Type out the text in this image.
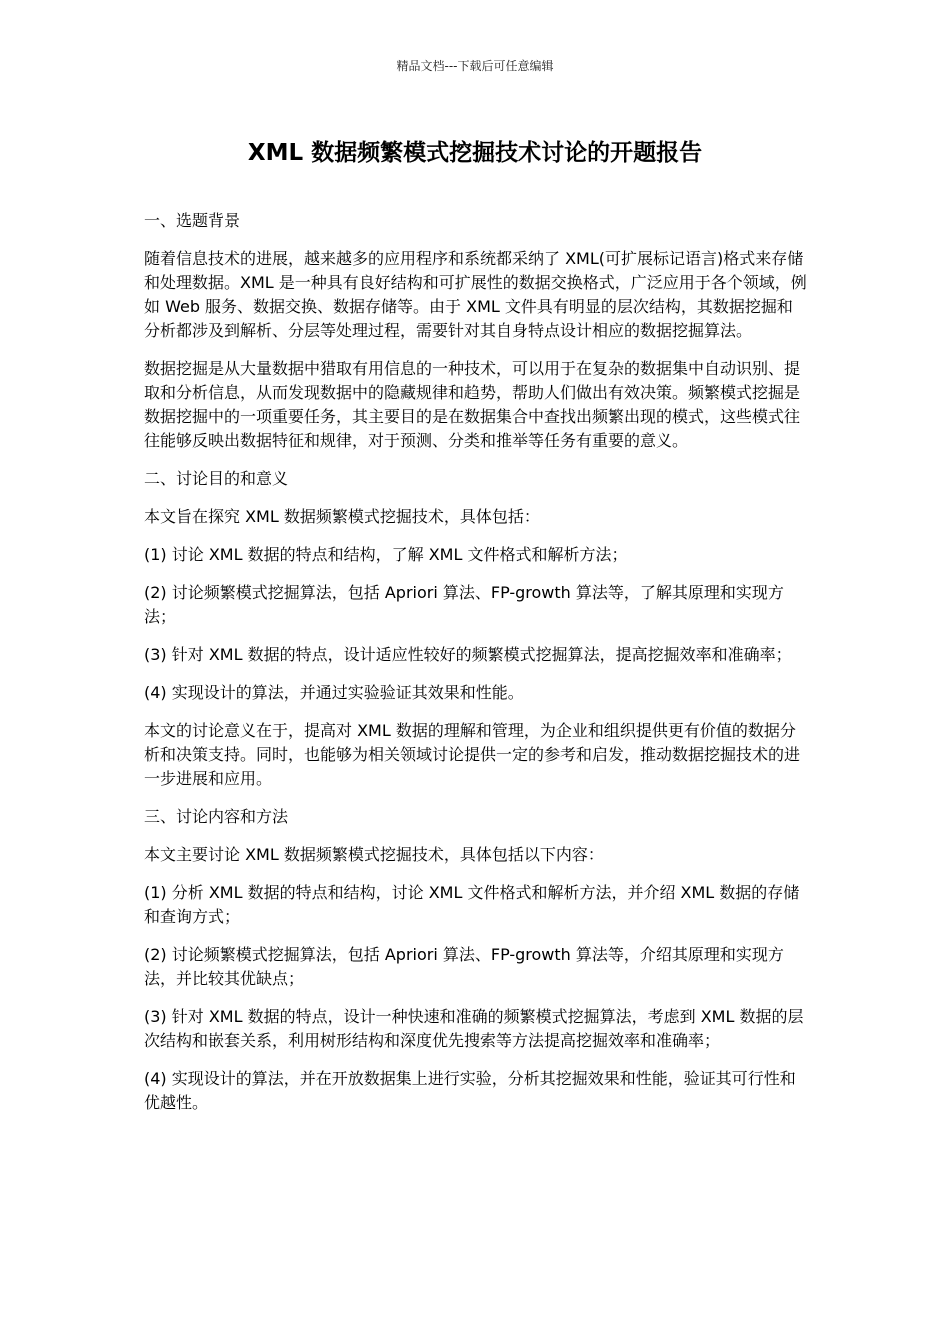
精品文档---下载后可任意编辑
XML 数据频繁模式挖掘技术讨论的开题报告

一、选题背景

随着信息技术的进展，越来越多的应用程序和系统都采纳了 XML(可扩展标记语言)格式来存储和处理数据。XML 是一种具有良好结构和可扩展性的数据交换格式，广泛应用于各个领域，例如 Web 服务、数据交换、数据存储等。由于 XML 文件具有明显的层次结构，其数据挖掘和分析都涉及到解析、分层等处理过程，需要针对其自身特点设计相应的数据挖掘算法。

数据挖掘是从大量数据中猎取有用信息的一种技术，可以用于在复杂的数据集中自动识别、提取和分析信息，从而发现数据中的隐藏规律和趋势，帮助人们做出有效决策。频繁模式挖掘是数据挖掘中的一项重要任务，其主要目的是在数据集合中查找出频繁出现的模式，这些模式往往能够反映出数据特征和规律，对于预测、分类和推举等任务有重要的意义。

二、讨论目的和意义

本文旨在探究 XML 数据频繁模式挖掘技术，具体包括：

(1) 讨论 XML 数据的特点和结构，了解 XML 文件格式和解析方法；

(2) 讨论频繁模式挖掘算法，包括 Apriori 算法、FP-growth 算法等，了解其原理和实现方法；

(3) 针对 XML 数据的特点，设计适应性较好的频繁模式挖掘算法，提高挖掘效率和准确率；

(4) 实现设计的算法，并通过实验验证其效果和性能。

本文的讨论意义在于，提高对 XML 数据的理解和管理，为企业和组织提供更有价值的数据分析和决策支持。同时，也能够为相关领域讨论提供一定的参考和启发，推动数据挖掘技术的进一步进展和应用。

三、讨论内容和方法

本文主要讨论 XML 数据频繁模式挖掘技术，具体包括以下内容：

(1) 分析 XML 数据的特点和结构，讨论 XML 文件格式和解析方法，并介绍 XML 数据的存储和查询方式；

(2) 讨论频繁模式挖掘算法，包括 Apriori 算法、FP-growth 算法等，介绍其原理和实现方法，并比较其优缺点；

(3) 针对 XML 数据的特点，设计一种快速和准确的频繁模式挖掘算法，考虑到 XML 数据的层次结构和嵌套关系，利用树形结构和深度优先搜索等方法提高挖掘效率和准确率；

(4) 实现设计的算法，并在开放数据集上进行实验，分析其挖掘效果和性能，验证其可行性和优越性。
